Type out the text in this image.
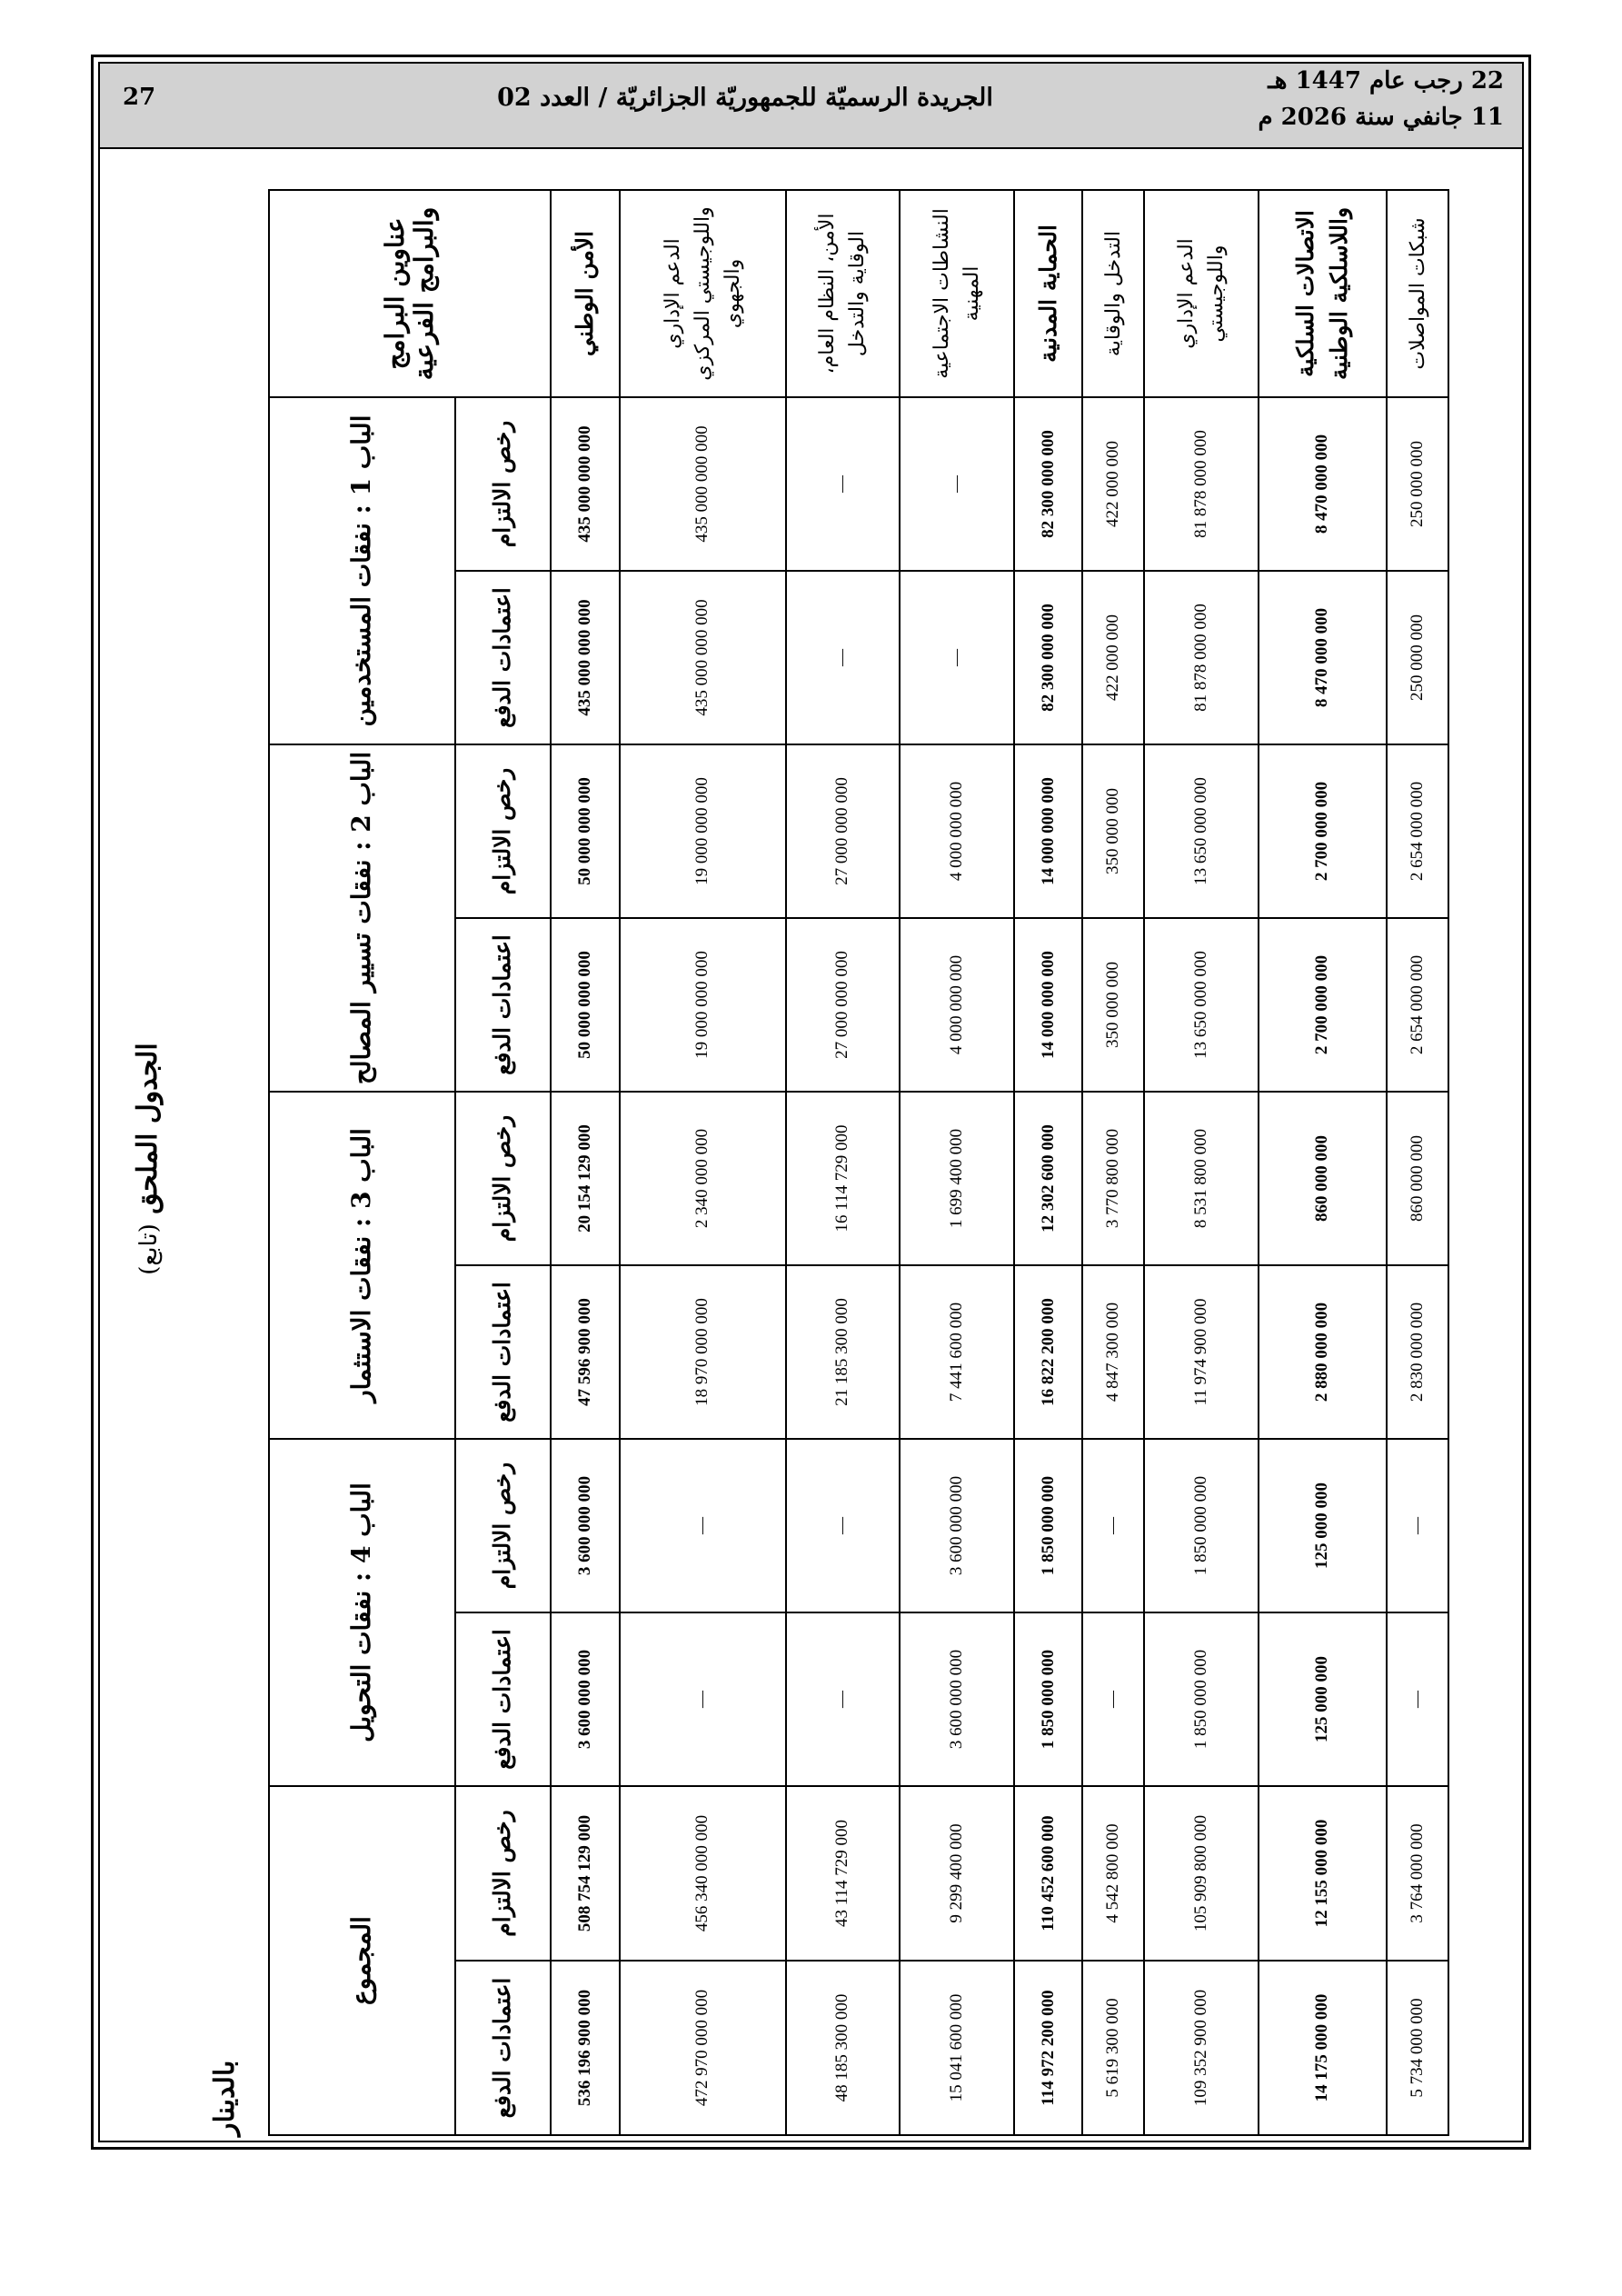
27	الجريدة الرسميّة للجمهوريّة الجزائريّة / العدد 02
22 رجب عام 1447 هـ
11 جانفي سنة 2026 م
الجدول الملحق (تابع)
بالدينار
عناوين البرامج والبرامج الفرعية	الباب 1 : نفقات المستخدمين		الباب 2 : نفقات تسيير المصالح		الباب 3 : نفقات الاستثمار		الباب 4 : نفقات التحويل		المجموع	
	رخص الالتزام	اعتمادات الدفع	رخص الالتزام	اعتمادات الدفع	رخص الالتزام	اعتمادات الدفع	رخص الالتزام	اعتمادات الدفع	رخص الالتزام	اعتمادات الدفع
الأمن الوطني	435 000 000 000	435 000 000 000	50 000 000 000	50 000 000 000	20 154 129 000	47 596 900 000	3 600 000 000	3 600 000 000	508 754 129 000	536 196 900 000
الدعم الإداري واللوجيستي المركزي والجهوي	435 000 000 000	435 000 000 000	19 000 000 000	19 000 000 000	2 340 000 000	18 970 000 000	—	—	456 340 000 000	472 970 000 000
الأمن، النظام العام، الوقاية والتدخل	—	—	27 000 000 000	27 000 000 000	16 114 729 000	21 185 300 000	—	—	43 114 729 000	48 185 300 000
النشاطات الاجتماعية المهنية	—	—	4 000 000 000	4 000 000 000	1 699 400 000	7 441 600 000	3 600 000 000	3 600 000 000	9 299 400 000	15 041 600 000
الحماية المدنية	82 300 000 000	82 300 000 000	14 000 000 000	14 000 000 000	12 302 600 000	16 822 200 000	1 850 000 000	1 850 000 000	110 452 600 000	114 972 200 000
التدخل والوقاية	422 000 000	422 000 000	350 000 000	350 000 000	3 770 800 000	4 847 300 000	—	—	4 542 800 000	5 619 300 000
الدعم الإداري واللوجيستي	81 878 000 000	81 878 000 000	13 650 000 000	13 650 000 000	8 531 800 000	11 974 900 000	1 850 000 000	1 850 000 000	105 909 800 000	109 352 900 000
الاتصالات السلكية واللاسلكية الوطنية	8 470 000 000	8 470 000 000	2 700 000 000	2 700 000 000	860 000 000	2 880 000 000	125 000 000	125 000 000	12 155 000 000	14 175 000 000
شبكات المواصلات	250 000 000	250 000 000	2 654 000 000	2 654 000 000	860 000 000	2 830 000 000	—	—	3 764 000 000	5 734 000 000
